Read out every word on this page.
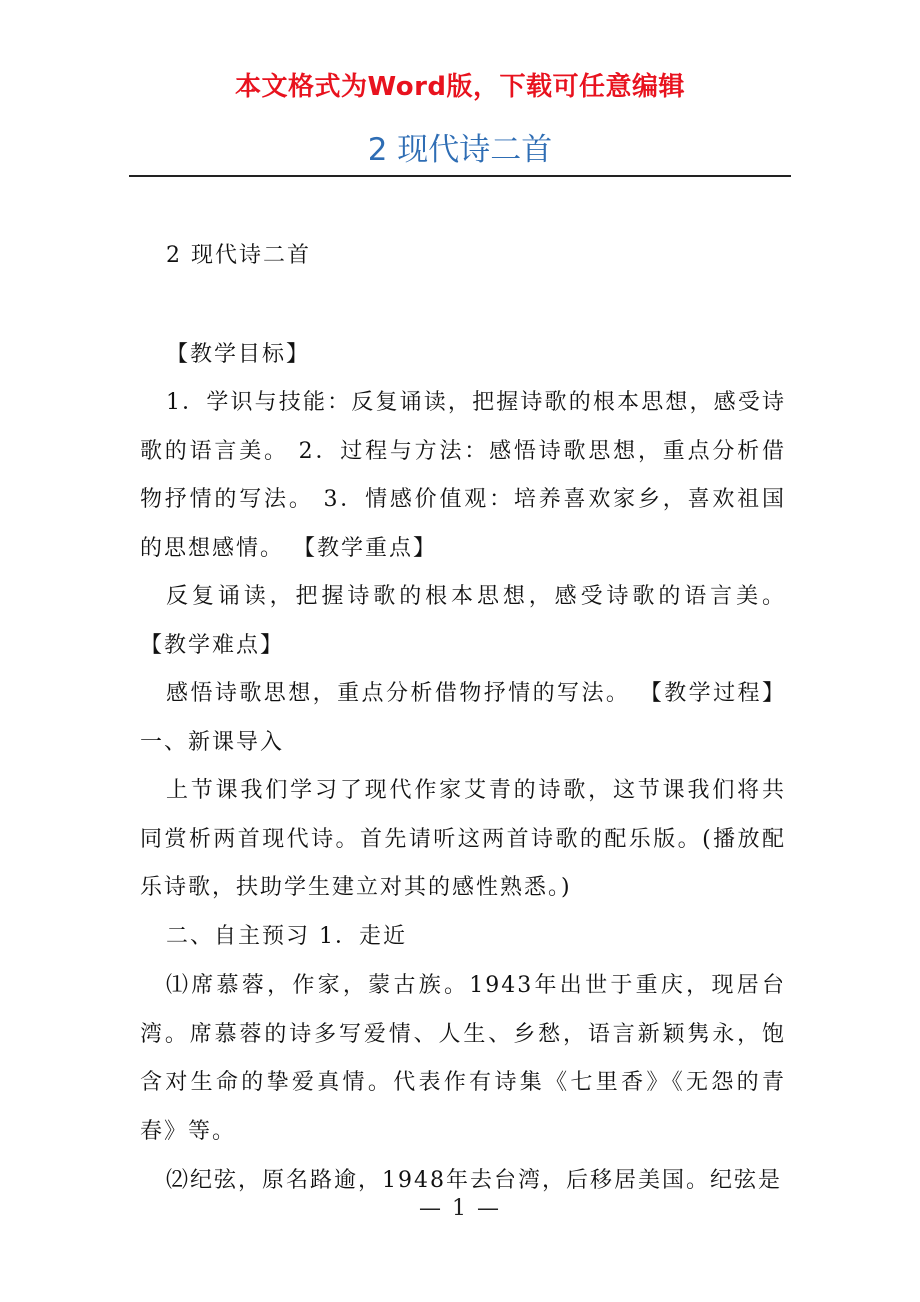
本文格式为Word版，下载可任意编辑
2 现代诗二首

2 现代诗二首

【教学目标】

1．学识与技能：反复诵读，把握诗歌的根本思想，感受诗歌的语言美。 2．过程与方法：感悟诗歌思想，重点分析借物抒情的写法。 3．情感价值观：培养喜欢家乡，喜欢祖国的思想感情。 【教学重点】

反复诵读，把握诗歌的根本思想，感受诗歌的语言美。 【教学难点】

感悟诗歌思想，重点分析借物抒情的写法。 【教学过程】 一、新课导入

上节课我们学习了现代作家艾青的诗歌，这节课我们将共同赏析两首现代诗。首先请听这两首诗歌的配乐版。(播放配乐诗歌，扶助学生建立对其的感性熟悉。)

二、自主预习 1．走近

⑴席慕蓉，作家，蒙古族。1943年出世于重庆，现居台湾。席慕蓉的诗多写爱情、人生、乡愁，语言新颖隽永，饱含对生命的挚爱真情。代表作有诗集《七里香》《无怨的青春》等。

⑵纪弦，原名路逾，1948年去台湾，后移居美国。纪弦是

— 1 —
